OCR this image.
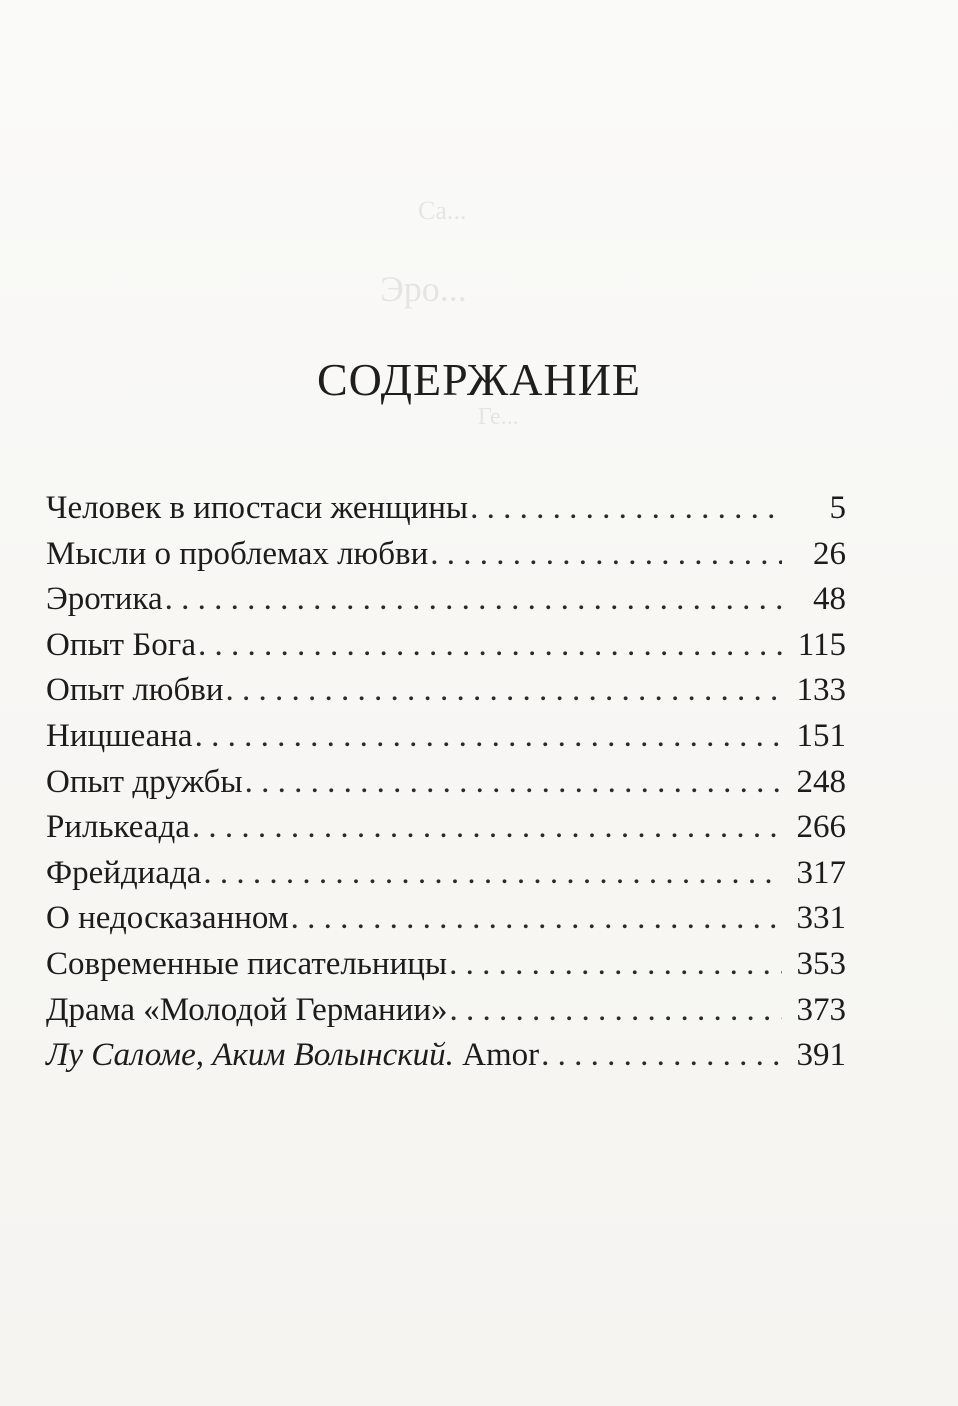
Са...
Эро...
Ге...
СОДЕРЖАНИЕ
Человек в ипостаси женщины . . .	5
Мысли о проблемах любви . . .	26
Эротика . . .	48
Опыт Бога . . .	115
Опыт любви . . .	133
Ницшеана . . .	151
Опыт дружбы . . .	248
Рилькеада . . .	266
Фрейдиада . . .	317
О недосказанном . . .	331
Современные писательницы . . .	353
Драма «Молодой Германии» . . .	373
Лу Саломе, Аким Волынский. Amor . . .	391
